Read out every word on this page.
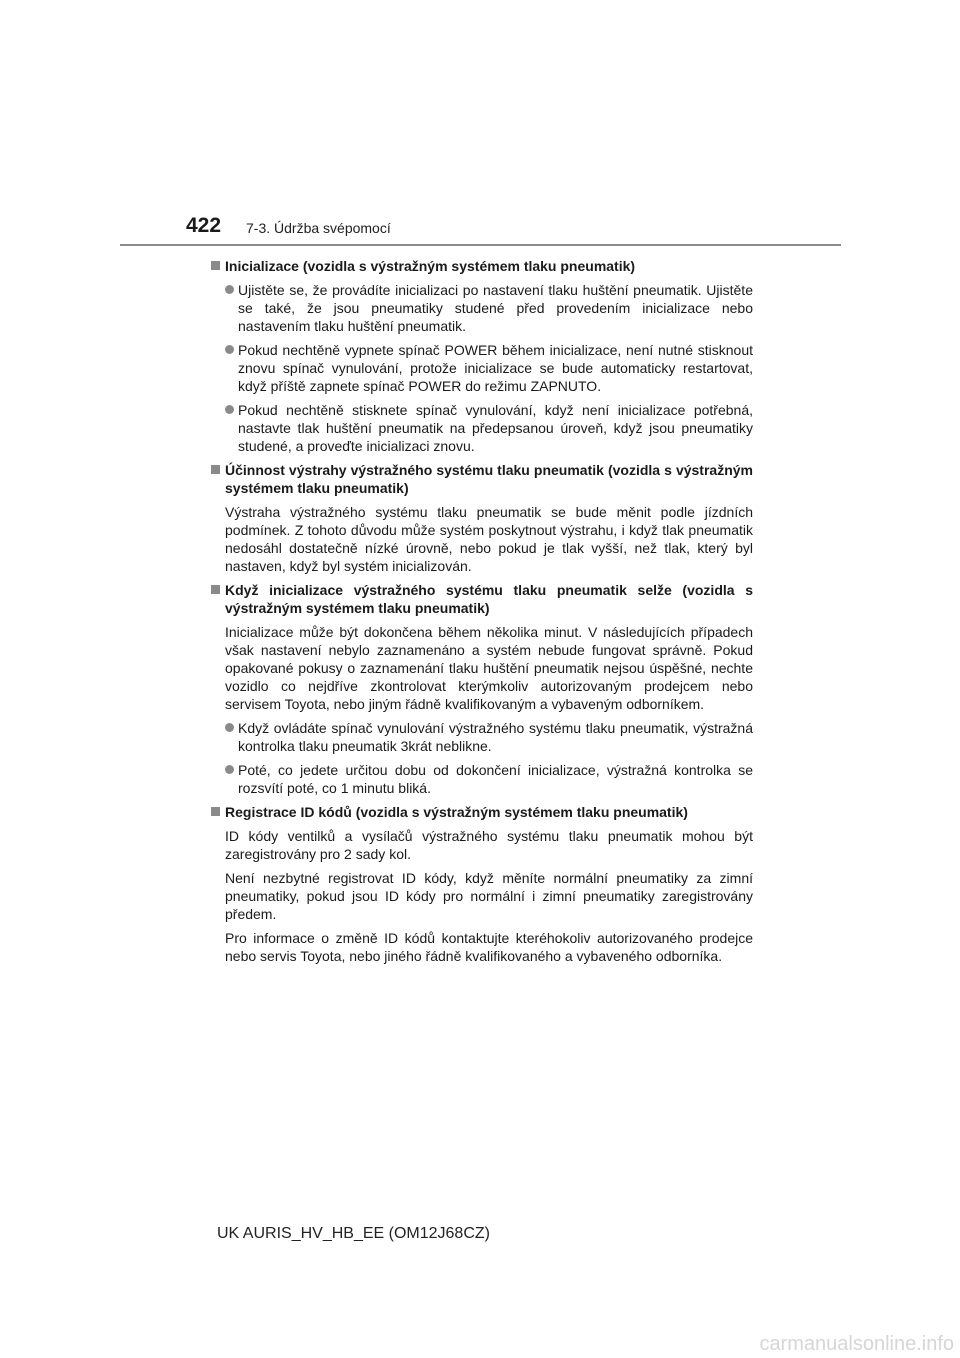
422 7-3. Údržba svépomocí
Inicializace (vozidla s výstražným systémem tlaku pneumatik)
Ujistěte se, že provádíte inicializaci po nastavení tlaku huštění pneumatik. Ujistěte se také, že jsou pneumatiky studené před provedením inicializace nebo nastavením tlaku huštění pneumatik.
Pokud nechtěně vypnete spínač POWER během inicializace, není nutné stisknout znovu spínač vynulování, protože inicializace se bude automaticky restartovat, když příště zapnete spínač POWER do režimu ZAPNUTO.
Pokud nechtěně stisknete spínač vynulování, když není inicializace potřebná, nastavte tlak huštění pneumatik na předepsanou úroveň, když jsou pneumatiky studené, a proveďte inicializaci znovu.
Účinnost výstrahy výstražného systému tlaku pneumatik (vozidla s výstražným systémem tlaku pneumatik)
Výstraha výstražného systému tlaku pneumatik se bude měnit podle jízdních podmínek. Z tohoto důvodu může systém poskytnout výstrahu, i když tlak pneumatik nedosáhl dostatečně nízké úrovně, nebo pokud je tlak vyšší, než tlak, který byl nastaven, když byl systém inicializován.
Když inicializace výstražného systému tlaku pneumatik selže (vozidla s výstražným systémem tlaku pneumatik)
Inicializace může být dokončena během několika minut. V následujících případech však nastavení nebylo zaznamenáno a systém nebude fungovat správně. Pokud opakované pokusy o zaznamenání tlaku huštění pneumatik nejsou úspěšné, nechte vozidlo co nejdříve zkontrolovat kterýmkoliv autorizovaným prodejcem nebo servisem Toyota, nebo jiným řádně kvalifikovaným a vybaveným odborníkem.
Když ovládáte spínač vynulování výstražného systému tlaku pneumatik, výstražná kontrolka tlaku pneumatik 3krát neblikne.
Poté, co jedete určitou dobu od dokončení inicializace, výstražná kontrolka se rozsvítí poté, co 1 minutu bliká.
Registrace ID kódů (vozidla s výstražným systémem tlaku pneumatik)
ID kódy ventilků a vysílačů výstražného systému tlaku pneumatik mohou být zaregistrovány pro 2 sady kol.
Není nezbytné registrovat ID kódy, když měníte normální pneumatiky za zimní pneumatiky, pokud jsou ID kódy pro normální i zimní pneumatiky zaregistrovány předem.
Pro informace o změně ID kódů kontaktujte kteréhokoliv autorizovaného prodejce nebo servis Toyota, nebo jiného řádně kvalifikovaného a vybaveného odborníka.
UK AURIS_HV_HB_EE (OM12J68CZ)
carmanualsonline.info
